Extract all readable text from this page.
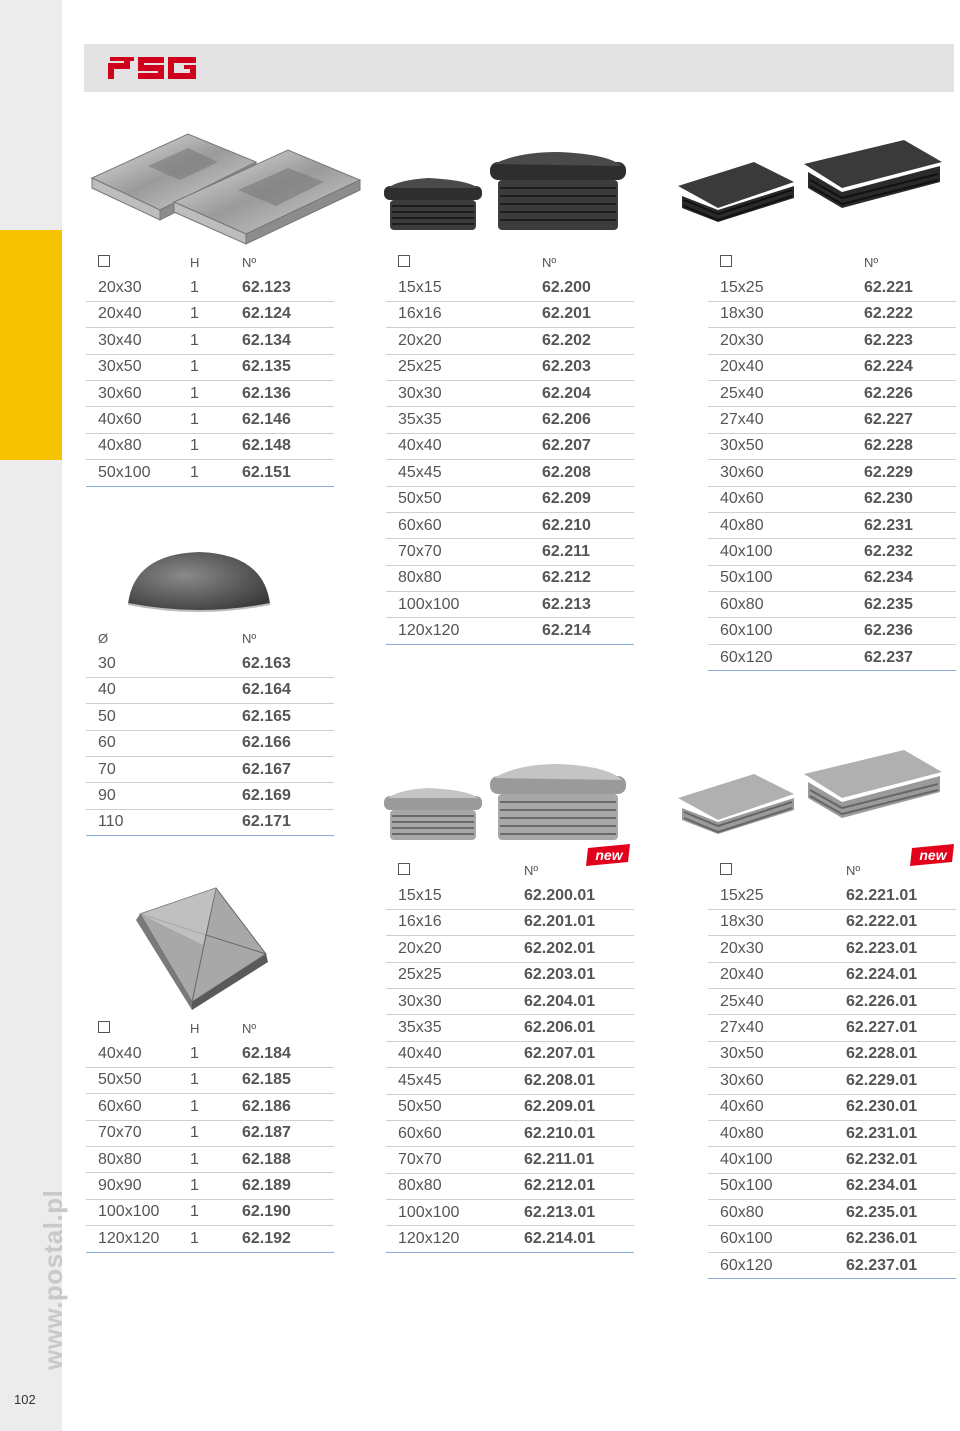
www.postal.pl
102
new	new
H	Nº
20x30	1	62.123
20x40	1	62.124
30x40	1	62.134
30x50	1	62.135
30x60	1	62.136
40x60	1	62.146
40x80	1	62.148
50x100 1	62.151
Ø	Nº
30	62.163
40	62.164
50	62.165
60	62.166
70	62.167
90	62.169
110	62.171
H	Nº
40x40	1	62.184
50x50	1	62.185
60x60	1	62.186
70x70	1	62.187
80x80	1	62.188
90x90	1	62.189
100x100 1	62.190
120x120 1	62.192
Nº
15x15	62.200
16x16	62.201
20x20	62.202
25x25	62.203
30x30	62.204
35x35	62.206
40x40	62.207
45x45	62.208
50x50	62.209
60x60	62.210
70x70	62.211
80x80	62.212
100x100	62.213
120x120	62.214
Nº
15x25	62.221
18x30	62.222
20x30	62.223
20x40	62.224
25x40	62.226
27x40	62.227
30x50	62.228
30x60	62.229
40x60	62.230
40x80	62.231
40x100	62.232
50x100	62.234
60x80	62.235
60x100	62.236
60x120	62.237
Nº
15x15	62.200.01
16x16	62.201.01
20x20	62.202.01
25x25	62.203.01
30x30	62.204.01
35x35	62.206.01
40x40	62.207.01
45x45	62.208.01
50x50	62.209.01
60x60	62.210.01
70x70	62.211.01
80x80	62.212.01
100x100	62.213.01
120x120	62.214.01
Nº
15x25	62.221.01
18x30	62.222.01
20x30	62.223.01
20x40	62.224.01
25x40	62.226.01
27x40	62.227.01
30x50	62.228.01
30x60	62.229.01
40x60	62.230.01
40x80	62.231.01
40x100	62.232.01
50x100	62.234.01
60x80	62.235.01
60x100	62.236.01
60x120	62.237.01
